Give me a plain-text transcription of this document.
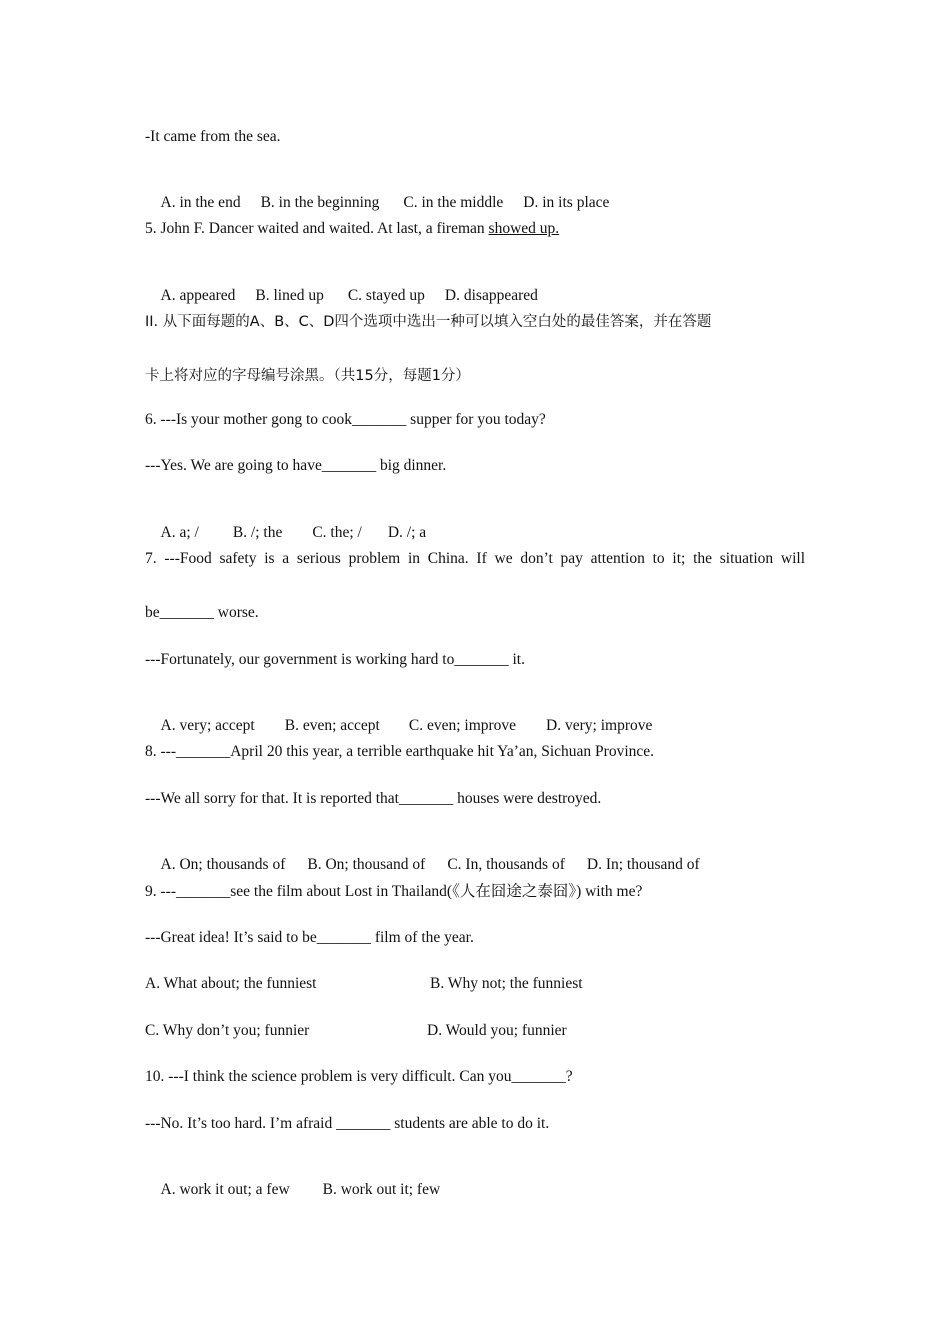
-It came from the sea.

A. in the end B. in the beginning C. in the middle D. in its place

5. John F. Dancer waited and waited. At last, a fireman showed up.

A. appeared B. lined up C. stayed up D. disappeared

II. 从下面每题的A、B、C、D四个选项中选出一种可以填入空白处的最佳答案，并在答题
卡上将对应的字母编号涂黑。（共15分，每题1分）
6. ---Is your mother gong to cook_______ supper for you today?
---Yes. We are going to have_______ big dinner.

A. a; / B. /; the C. the; / D. /; a

7. ---Food safety is a serious problem in China. If we don’t pay attention to it; the situation will
be_______ worse.
---Fortunately, our government is working hard to_______ it.

A. very; accept B. even; accept C. even; improve D. very; improve

8. ---_______April 20 this year, a terrible earthquake hit Ya’an, Sichuan Province.
---We all sorry for that. It is reported that_______ houses were destroyed.

A. On; thousands of B. On; thousand of C. In, thousands of D. In; thousand of

9. ---_______see the film about Lost in Thailand(《人在囧途之泰囧》) with me?
---Great idea! It’s said to be_______ film of the year.
A. What about; the funniest	B. Why not; the funniest
C. Why don’t you; funnier	D. Would you; funnier
10. ---I think the science problem is very difficult. Can you_______?
---No. It’s too hard. I’m afraid _______ students are able to do it.

A. work it out; a few B. work out it; few
